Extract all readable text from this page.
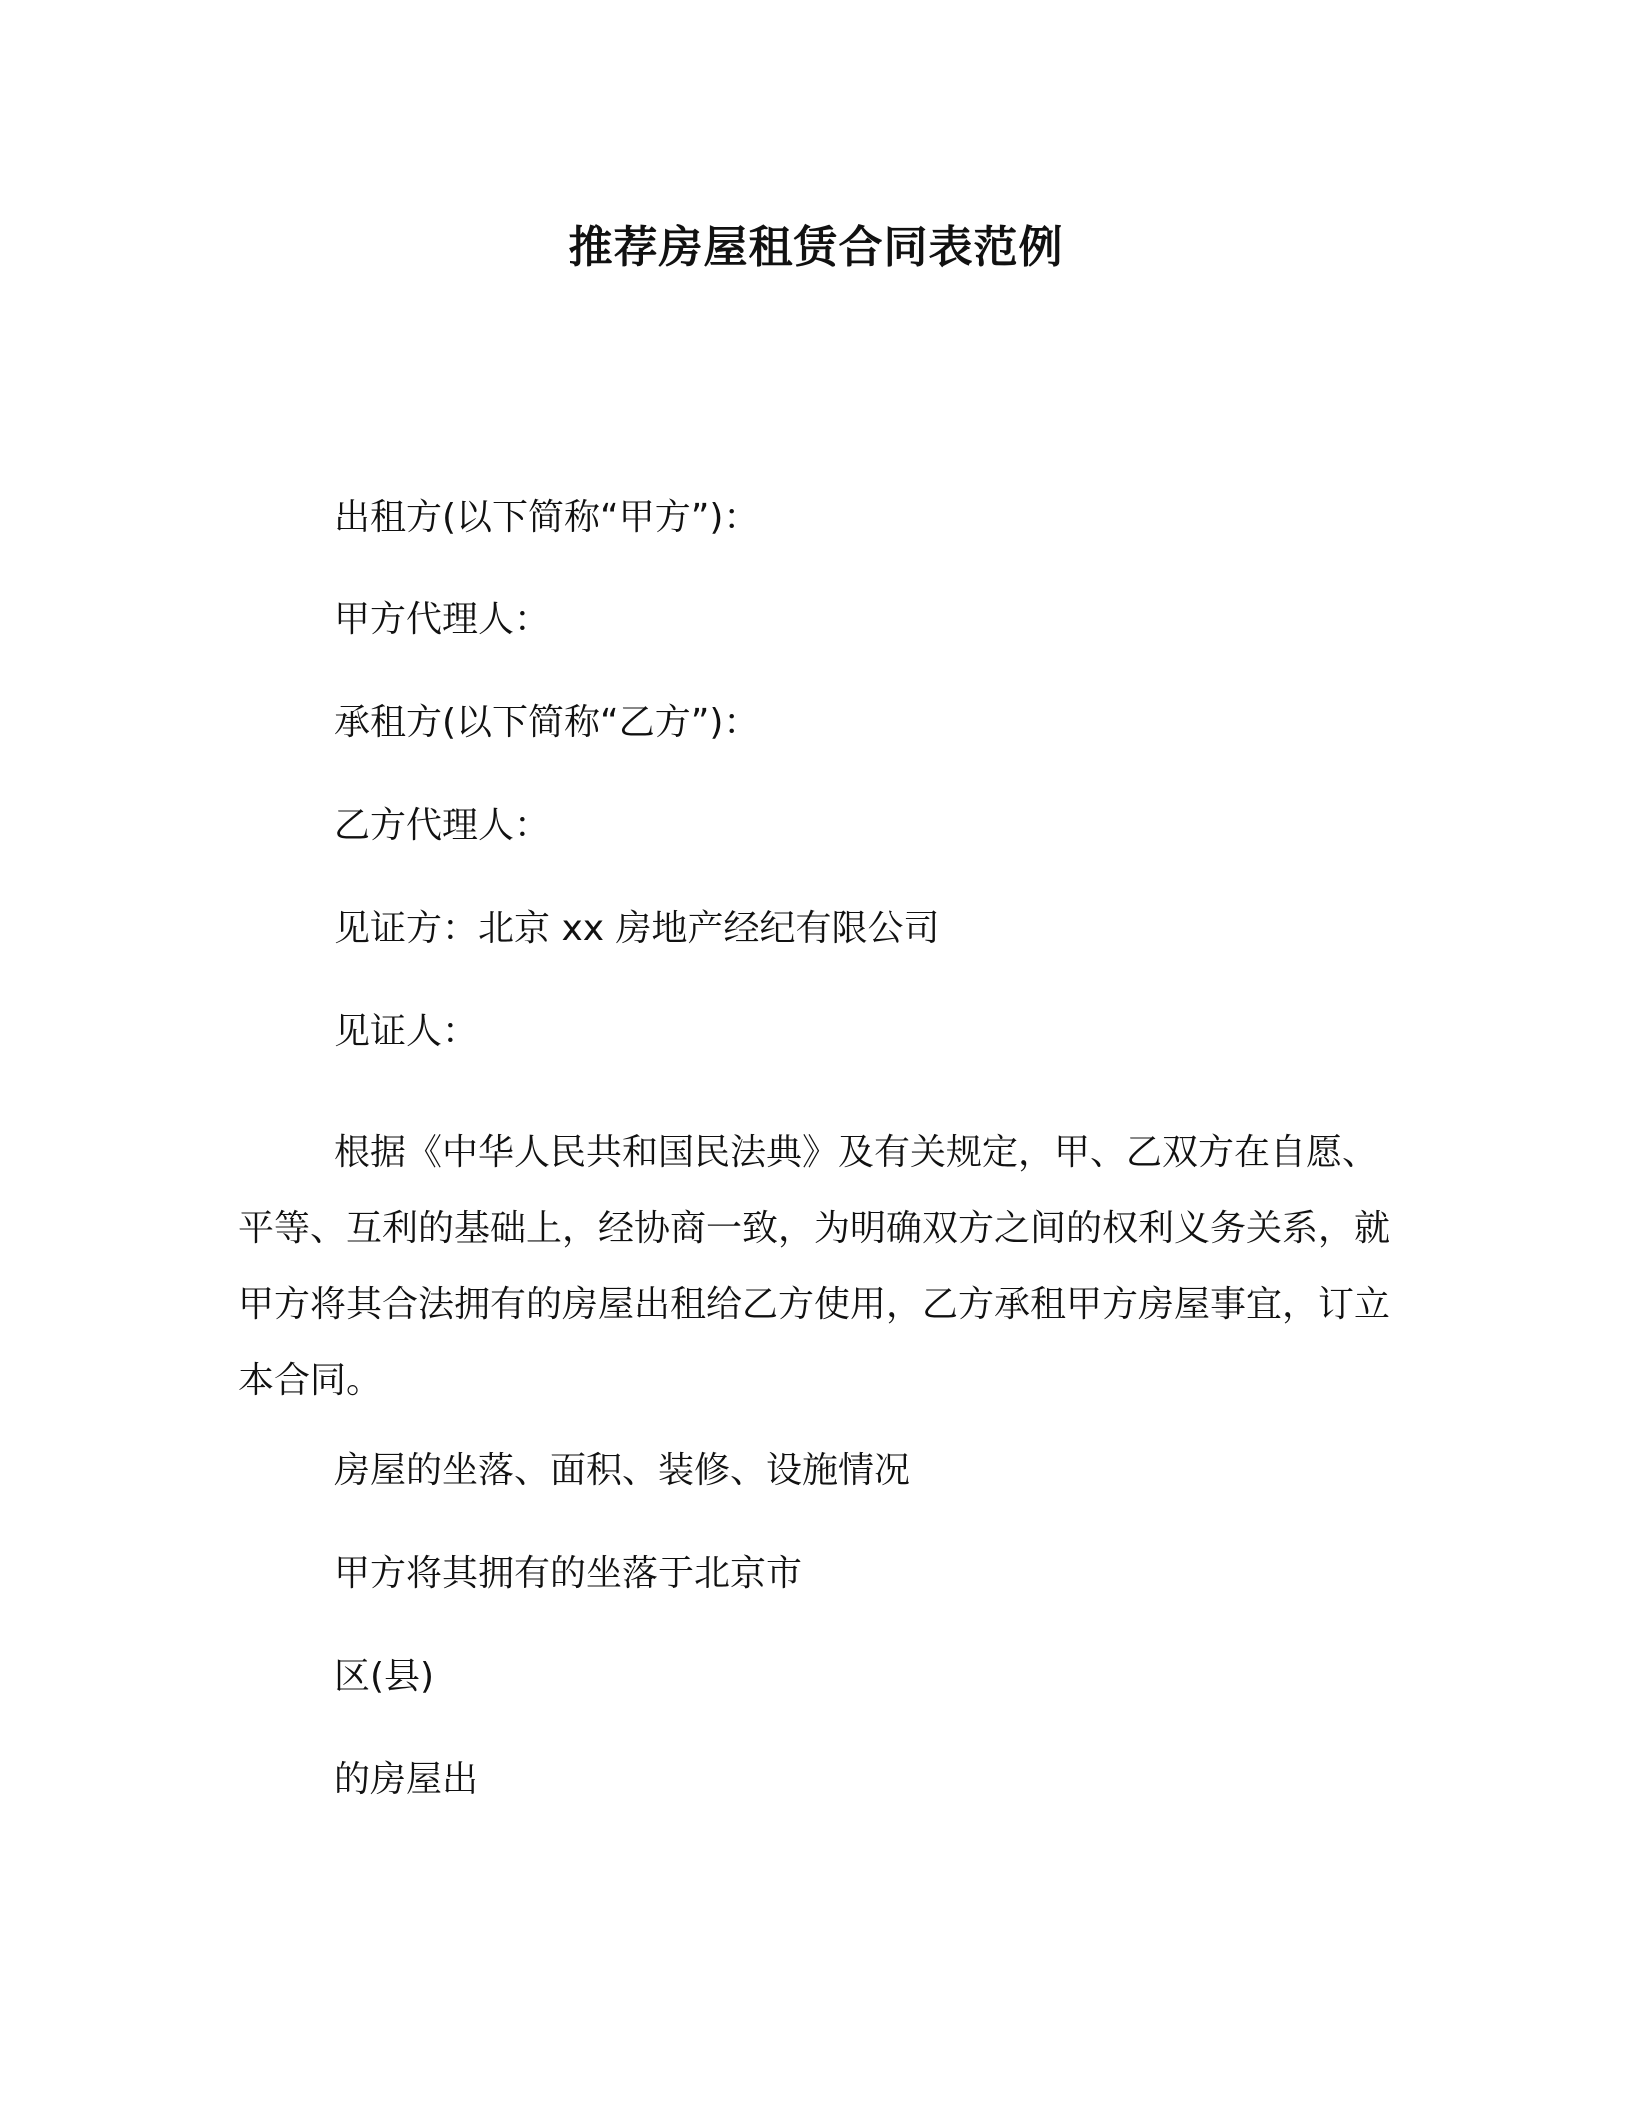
推荐房屋租赁合同表范例
出租方(以下简称“甲方”)：
甲方代理人：
承租方(以下简称“乙方”)：
乙方代理人：
见证方：北京 xx 房地产经纪有限公司
见证人：

根据《中华人民共和国民法典》及有关规定，甲、乙双方在自愿、平等、互利的基础上，经协商一致，为明确双方之间的权利义务关系，就甲方将其合法拥有的房屋出租给乙方使用，乙方承租甲方房屋事宜，订立本合同。

房屋的坐落、面积、装修、设施情况
甲方将其拥有的坐落于北京市
区(县)
的房屋出
